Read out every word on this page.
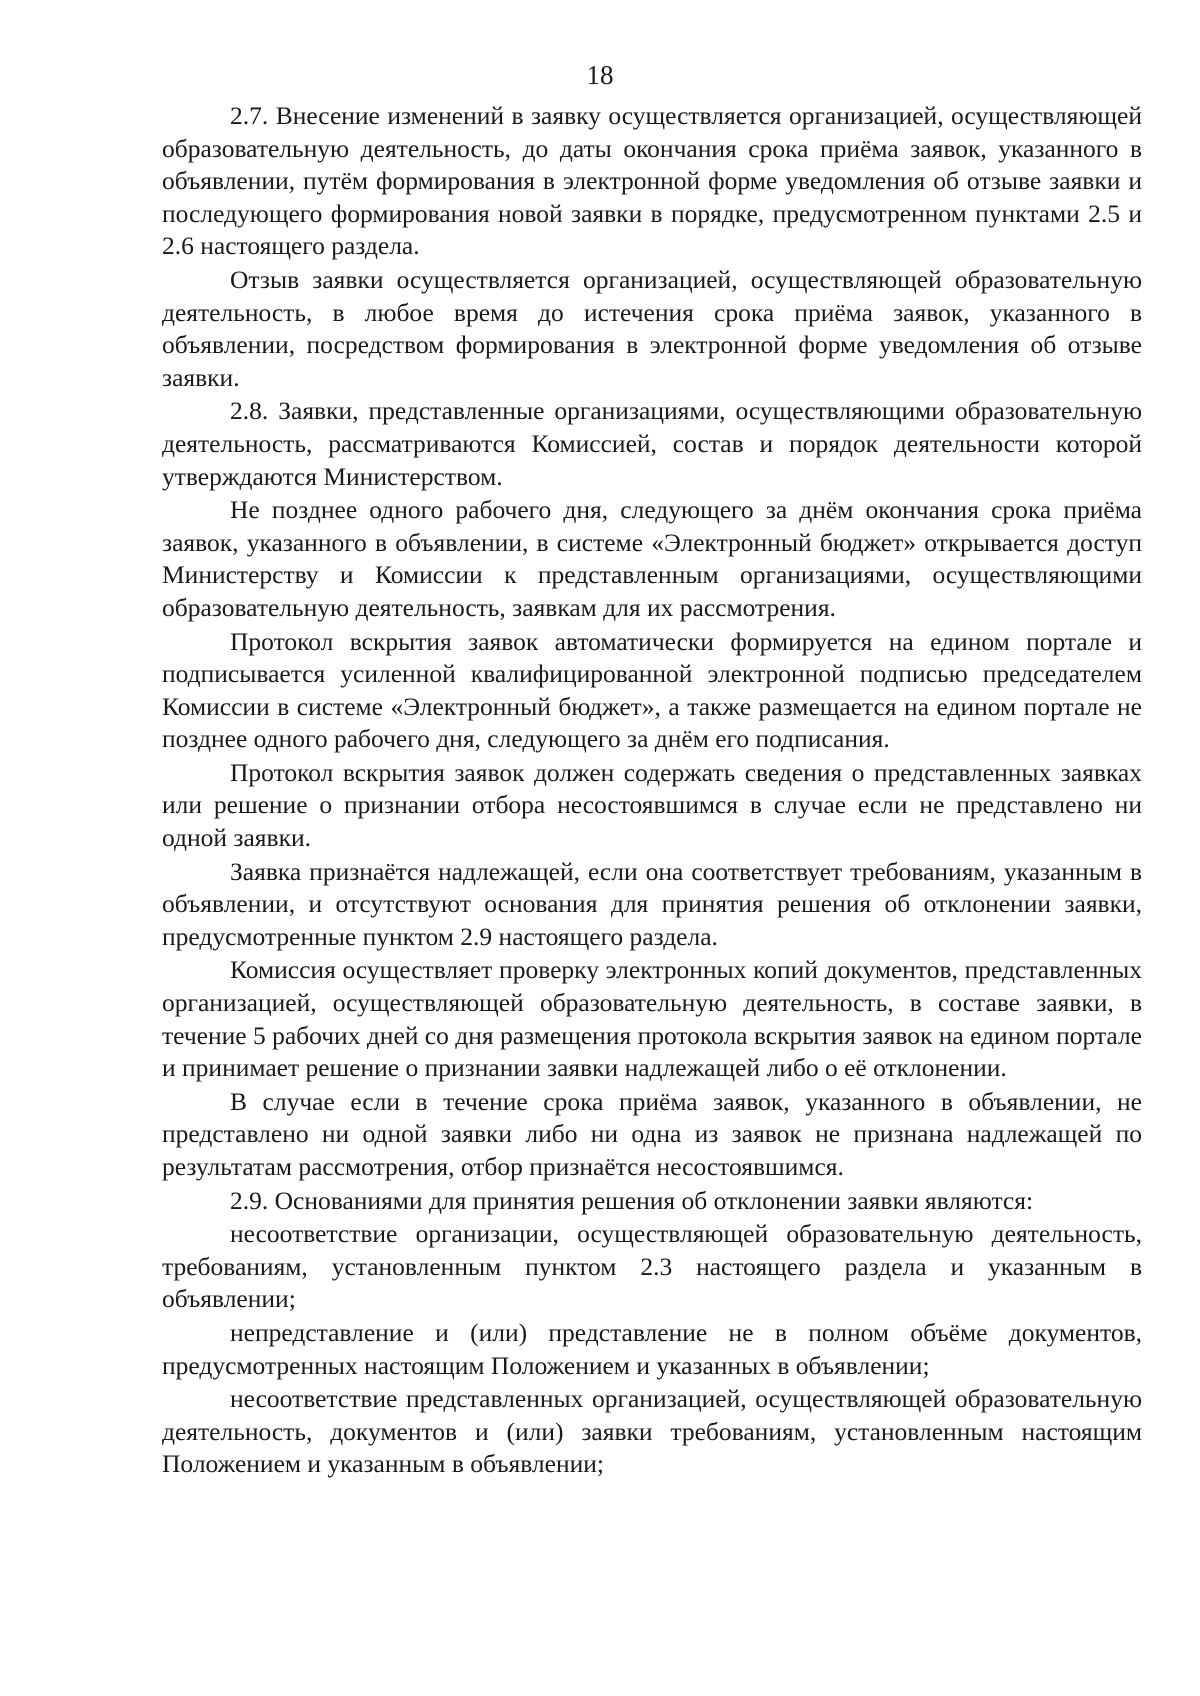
18

2.7. Внесение изменений в заявку осуществляется организацией, осуществляющей образовательную деятельность, до даты окончания срока приёма заявок, указанного в объявлении, путём формирования в электронной форме уведомления об отзыве заявки и последующего формирования новой заявки в порядке, предусмотренном пунктами 2.5 и 2.6 настоящего раздела.

Отзыв заявки осуществляется организацией, осуществляющей образовательную деятельность, в любое время до истечения срока приёма заявок, указанного в объявлении, посредством формирования в электронной форме уведомления об отзыве заявки.

2.8. Заявки, представленные организациями, осуществляющими образовательную деятельность, рассматриваются Комиссией, состав и порядок деятельности которой утверждаются Министерством.

Не позднее одного рабочего дня, следующего за днём окончания срока приёма заявок, указанного в объявлении, в системе «Электронный бюджет» открывается доступ Министерству и Комиссии к представленным организациями, осуществляющими образовательную деятельность, заявкам для их рассмотрения.

Протокол вскрытия заявок автоматически формируется на едином портале и подписывается усиленной квалифицированной электронной подписью председателем Комиссии в системе «Электронный бюджет», а также размещается на едином портале не позднее одного рабочего дня, следующего за днём его подписания.

Протокол вскрытия заявок должен содержать сведения о представленных заявках или решение о признании отбора несостоявшимся в случае если не представлено ни одной заявки.

Заявка признаётся надлежащей, если она соответствует требованиям, указанным в объявлении, и отсутствуют основания для принятия решения об отклонении заявки, предусмотренные пунктом 2.9 настоящего раздела.

Комиссия осуществляет проверку электронных копий документов, представленных организацией, осуществляющей образовательную деятельность, в составе заявки, в течение 5 рабочих дней со дня размещения протокола вскрытия заявок на едином портале и принимает решение о признании заявки надлежащей либо о её отклонении.

В случае если в течение срока приёма заявок, указанного в объявлении, не представлено ни одной заявки либо ни одна из заявок не признана надлежащей по результатам рассмотрения, отбор признаётся несостоявшимся.

2.9. Основаниями для принятия решения об отклонении заявки являются:

несоответствие организации, осуществляющей образовательную деятельность, требованиям, установленным пунктом 2.3 настоящего раздела и указанным в объявлении;

непредставление и (или) представление не в полном объёме документов, предусмотренных настоящим Положением и указанных в объявлении;

несоответствие представленных организацией, осуществляющей образовательную деятельность, документов и (или) заявки требованиям, установленным настоящим Положением и указанным в объявлении;
